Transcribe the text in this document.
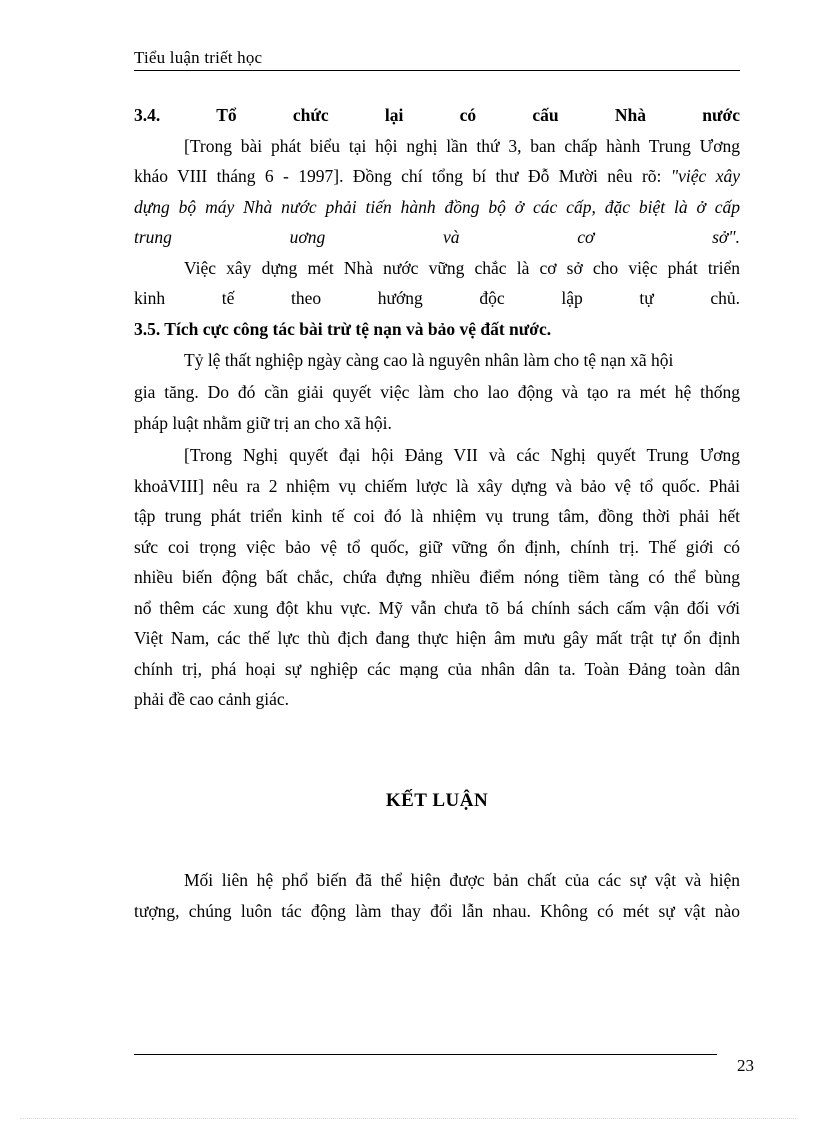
Tiểu luận triết học
3.4. Tổ chức lại có cấu Nhà nước
[Trong bài phát biểu tại hội nghị lần thứ 3, ban chấp hành Trung Ương
kháo VIII tháng 6 - 1997]. Đồng chí tổng bí thư Đỗ Mười nêu rõ: "việc xây
dựng bộ máy Nhà nước phải tiến hành đồng bộ ở các cấp, đặc biệt là ở cấp
trung uơng và cơ sở".
Việc xây dựng mét Nhà nước vững chắc là cơ sở cho việc phát triển
kinh tế theo hướng độc lập tự chủ.
3.5. Tích cực công tác bài trừ tệ nạn và bảo vệ đất nước.
Tỷ lệ thất nghiệp ngày càng cao là nguyên nhân làm cho tệ nạn xã hội
gia tăng. Do đó cần giải quyết việc làm cho lao động và tạo ra mét hệ thống
pháp luật nhằm giữ trị an cho xã hội.
[Trong Nghị quyết đại hội Đảng VII và các Nghị quyết Trung Ương
khoảVIII] nêu ra 2 nhiệm vụ chiếm lược là xây dựng và bảo vệ tổ quốc. Phải
tập trung phát triển kinh tế coi đó là nhiệm vụ trung tâm, đồng thời phải hết
sức coi trọng việc bảo vệ tổ quốc, giữ vững ổn định, chính trị. Thế giới có
nhiều biến động bất chắc, chứa đựng nhiều điểm nóng tiềm tàng có thể bùng
nổ thêm các xung đột khu vực. Mỹ vẫn chưa tõ bá chính sách cấm vận đối với
Việt Nam, các thế lực thù địch đang thực hiện âm mưu gây mất trật tự ổn định
chính trị, phá hoại sự nghiệp các mạng của nhân dân ta. Toàn Đảng toàn dân
phải đề cao cảnh giác.
KẾT LUẬN
Mối liên hệ phổ biến đã thể hiện được bản chất của các sự vật và hiện
tượng, chúng luôn tác động làm thay đổi lẫn nhau. Không có mét sự vật nào
23
